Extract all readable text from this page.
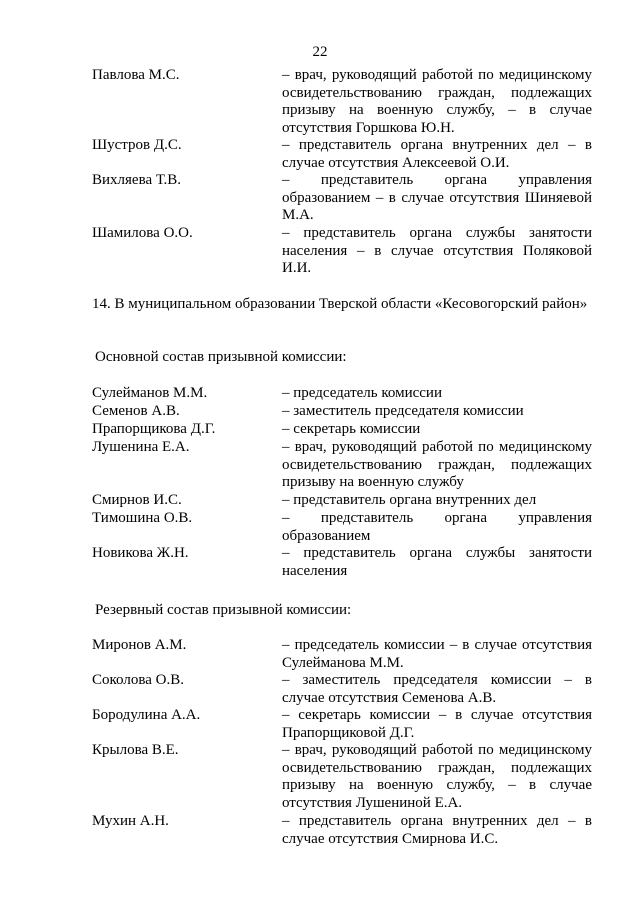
22
Павлова М.С.	– врач, руководящий работой по медицинскому освидетельствованию граждан, подлежащих призыву на военную службу, – в случае отсутствия Горшкова Ю.Н.
Шустров Д.С.	– представитель органа внутренних дел – в случае отсутствия Алексеевой О.И.
Вихляева Т.В.	– представитель органа управления образованием – в случае отсутствия Шиняевой М.А.
Шамилова О.О.	– представитель органа службы занятости населения – в случае отсутствия Поляковой И.И.
14. В муниципальном образовании Тверской области «Кесовогорский район»
Основной состав призывной комиссии:
Сулейманов М.М.	– председатель комиссии
Семенов А.В.	– заместитель председателя комиссии
Прапорщикова Д.Г.	– секретарь комиссии
Лушенина Е.А.	– врач, руководящий работой по медицинскому освидетельствованию граждан, подлежащих призыву на военную службу
Смирнов И.С.	– представитель органа внутренних дел
Тимошина О.В.	– представитель органа управления образованием
Новикова Ж.Н.	– представитель органа службы занятости населения
Резервный состав призывной комиссии:
Миронов А.М.	– председатель комиссии – в случае отсутствия Сулейманова М.М.
Соколова О.В.	– заместитель председателя комиссии – в случае отсутствия Семенова А.В.
Бородулина А.А.	– секретарь комиссии – в случае отсутствия Прапорщиковой Д.Г.
Крылова В.Е.	– врач, руководящий работой по медицинскому освидетельствованию граждан, подлежащих призыву на военную службу, – в случае отсутствия Лушениной Е.А.
Мухин А.Н.	– представитель органа внутренних дел – в случае отсутствия Смирнова И.С.
